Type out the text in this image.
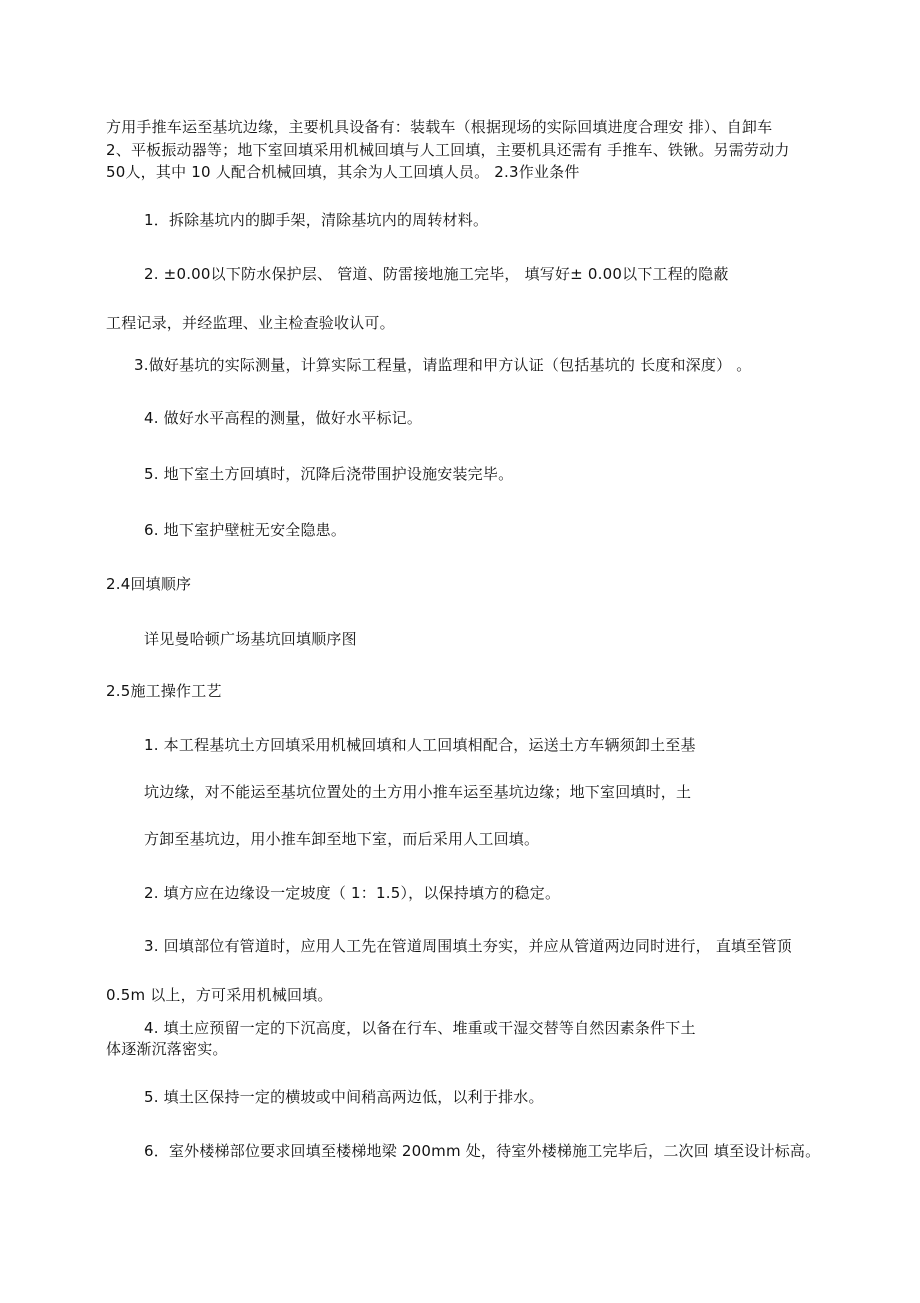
方用手推车运至基坑边缘，主要机具设备有：装载车（根据现场的实际回填进度合理安 排）、自卸车
2、平板振动器等；地下室回填采用机械回填与人工回填，主要机具还需有 手推车、铁锹。另需劳动力
50人，其中 10 人配合机械回填，其余为人工回填人员。 2.3作业条件
1．拆除基坑内的脚手架，清除基坑内的周转材料。
2. ±0.00以下防水保护层、 管道、防雷接地施工完毕， 填写好± 0.00以下工程的隐蔽
工程记录，并经监理、业主检查验收认可。
3.做好基坑的实际测量，计算实际工程量，请监理和甲方认证（包括基坑的 长度和深度） 。
4. 做好水平高程的测量，做好水平标记。
5. 地下室土方回填时，沉降后浇带围护设施安装完毕。
6. 地下室护壁桩无安全隐患。
2.4回填顺序
详见曼哈顿广场基坑回填顺序图
2.5施工操作工艺
1. 本工程基坑土方回填采用机械回填和人工回填相配合，运送土方车辆须卸土至基
坑边缘，对不能运至基坑位置处的土方用小推车运至基坑边缘；地下室回填时，土
方卸至基坑边，用小推车卸至地下室，而后采用人工回填。
2. 填方应在边缘设一定坡度（ 1：1.5），以保持填方的稳定。
3. 回填部位有管道时，应用人工先在管道周围填土夯实，并应从管道两边同时进行， 直填至管顶
0.5m 以上，方可采用机械回填。
4. 填土应预留一定的下沉高度，以备在行车、堆重或干湿交替等自然因素条件下土
体逐渐沉落密实。
5. 填土区保持一定的横坡或中间稍高两边低，以利于排水。
6．室外楼梯部位要求回填至楼梯地梁 200mm 处，待室外楼梯施工完毕后，二次回 填至设计标高。
